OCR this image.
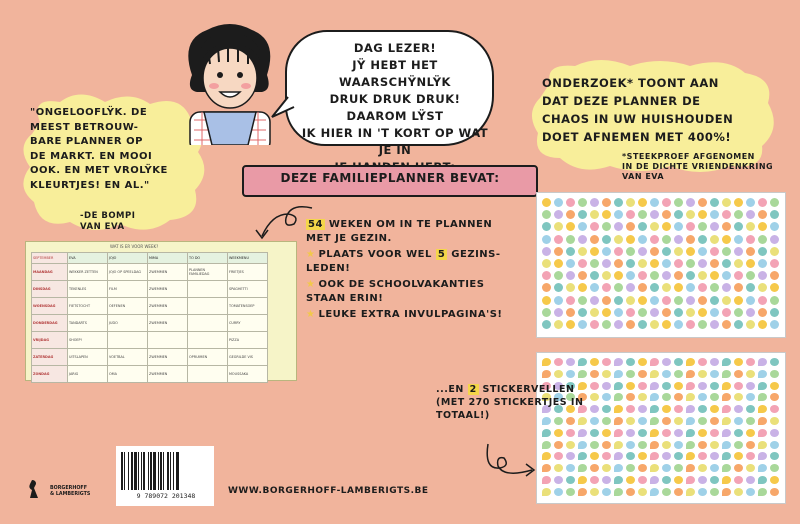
DAG LEZER!
JŸ HEBT HET WAARSCHŸNLŸK
DRUK DRUK DRUK! DAAROM LŸST
IK HIER IN 'T KORT OP WAT JE IN
ONDERZOEK* TOONT AAN
DAT DEZE PLANNER DE
CHAOS IN UW HUISHOUDEN
DOET AFNEMEN MET 400%!
*STEEKPROEF AFGENOMEN
IN DE DICHTE VRIENDENKRING
VAN EVA
"ONGELOOFLŸK. DE
MEEST BETROUW-
BARE PLANNER OP
DE MARKT. EN MOOI
OOK. EN MET VROLŸKE
KLEURTJES! EN AL."
-DE BOMPI
VAN EVA
DEZE FAMILIEPLANNER BEVAT:
54 WEKEN OM IN TE PLANNEN MET JE GEZIN.
★ PLAATS VOOR WEL 5 GEZINS-LEDEN!
★ OOK DE SCHOOLVAKANTIES STAAN ERIN!
★ LEUKE EXTRA INVULPAGINA'S!
WAT IS ER VOOR WEEK?
SEPTEMBER	EVA	JOJO	MIMA	TO DO	WEEKMENU
MAANDAG	WEKKER ZETTEN	JOJO OP SPEELDAG	ZWEMMEN	PLANNEN FAMILIEDAG	FRIETJES
DINSDAG	TEKENLES	FILM	ZWEMMEN		SPAGHETTI
WOENSDAG	FIETSTOCHT	OEFENEN	ZWEMMEN		TOMATENSOEP
DONDERDAG	TANDARTS	JUDO	ZWEMMEN		CURRY
VRIJDAG	SHOEP!				PIZZA
ZATERDAG	UITSLAPEN	VOETBAL	ZWEMMEN	OPRUIMEN	GEGRILDE VIS
ZONDAG	JARIG	OMA	ZWEMMEN		MOUSSAKA
9 789072 201348
BORGERHOFF
& LAMBERIGTS	WWW.BORGERHOFF-LAMBERIGTS.BE
...EN 2 STICKERVELLEN (MET 270 STICKERTJES IN TOTAAL!)
